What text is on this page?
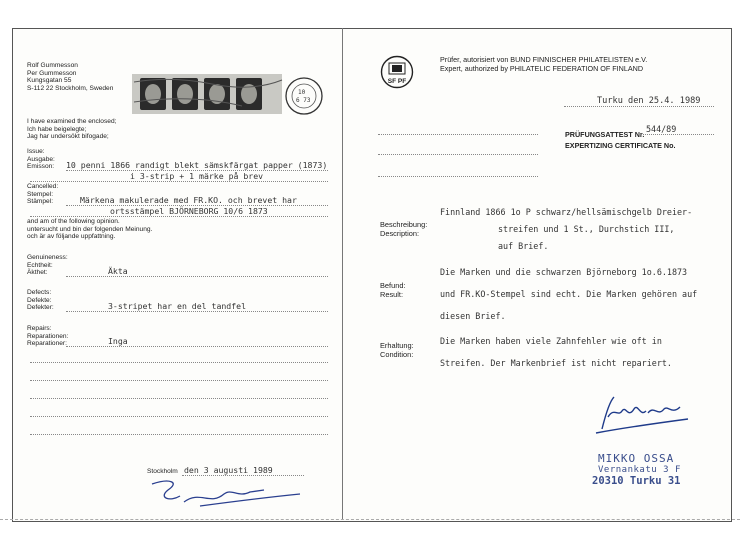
Rolf Gummesson
Per Gummesson
Kungsgatan 55
S-112 22 Stockholm, Sweden
10
6 73
I have examined the enclosed;
Ich habe beigelegte;
Jag har undersökt bifogade;
Issue:
Ausgabe:
Emisson: 10 penni 1866 randigt blekt sämskfärgat papper (1873)
i 3-strip + 1 märke på brev
Cancelled:
Stempel:
Stämpel:	Märkena makulerade med FR.KO. och brevet har
ortsstämpel BJÖRNEBORG 10/6 1873
and am of the following opinion.
untersucht und bin der folgenden Meinung.
och är av följande uppfattning.
Genuineness:
Echtheit:
Äkthet:	Äkta
Defects:
Defekte:
Defekter:	3-stripet har en del tandfel
Repairs:
Reparationen:
Reparationer:	Inga
Stockholm den 3 augusti 1989
SF PF
Prüfer, autorisiert von BUND FINNISCHER PHILATELISTEN e.V.
Expert, authorized by PHILATELIC FEDERATION OF FINLAND
Turku den 25.4. 1989
PRÜFUNGSATTEST Nr.
544/89
EXPERTIZING CERTIFICATE No.
Beschreibung:
Description:
Finnland 1866 1o P schwarz/hellsämischgelb Dreier-
streifen und 1 St., Durchstich III,
auf Brief.
Befund:
Result:
Die Marken und die schwarzen Björneborg 1o.6.1873
und FR.KO-Stempel sind echt. Die Marken gehören auf
diesen Brief.
Erhaltung:
Condition:
Die Marken haben viele Zahnfehler wie oft in
Streifen. Der Markenbrief ist nicht repariert.
MIKKO OSSA
Vernankatu 3 F
20310 Turku 31
